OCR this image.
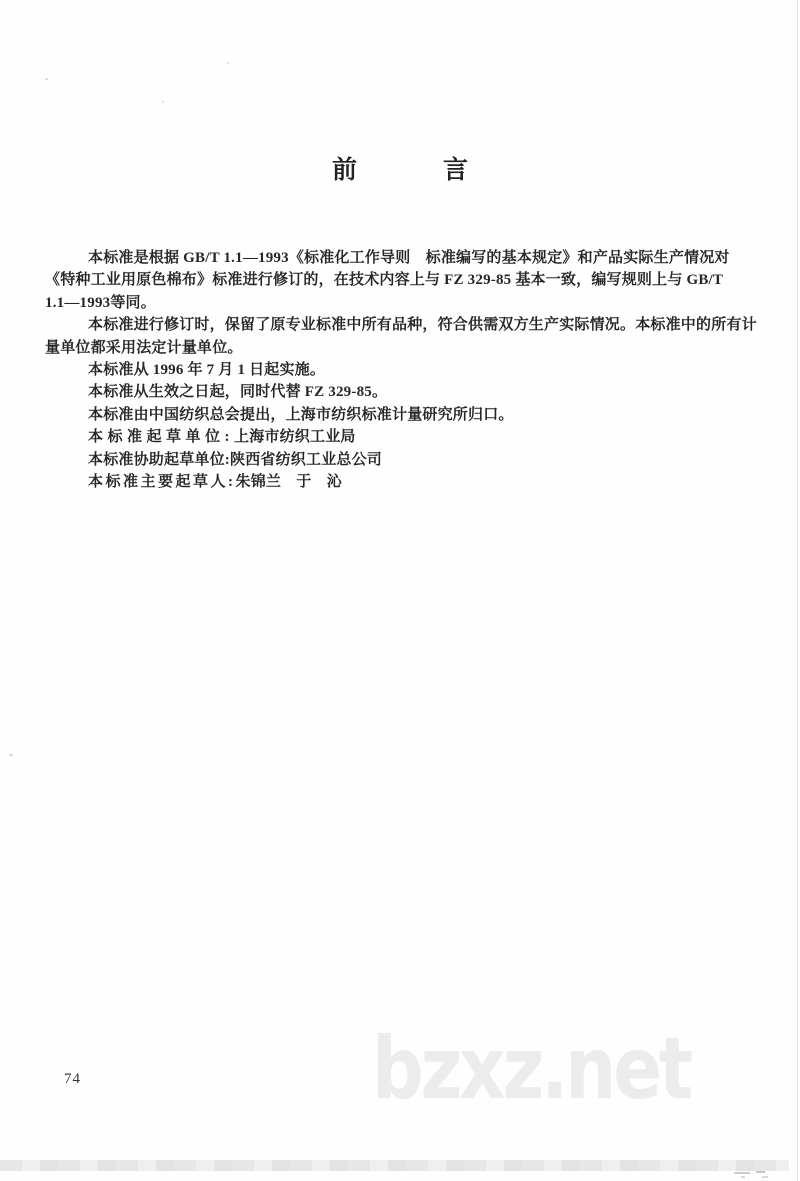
前	言
本标准是根据 GB/T 1.1—1993《标准化工作导则　标准编写的基本规定》和产品实际生产情况对
《特种工业用原色棉布》标准进行修订的，在技术内容上与 FZ 329-85 基本一致，编写规则上与 GB/T
1.1—1993等同。
本标准进行修订时，保留了原专业标准中所有品种，符合供需双方生产实际情况。本标准中的所有计
量单位都采用法定计量单位。
本标准从 1996 年 7 月 1 日起实施。
本标准从生效之日起，同时代替 FZ 329-85。
本标准由中国纺织总会提出，上海市纺织标准计量研究所归口。
本标准起草单位:上海市纺织工业局
本标准协助起草单位:陕西省纺织工业总公司
本标准主要起草人:朱锦兰　于　沁
74	bzxz.net
